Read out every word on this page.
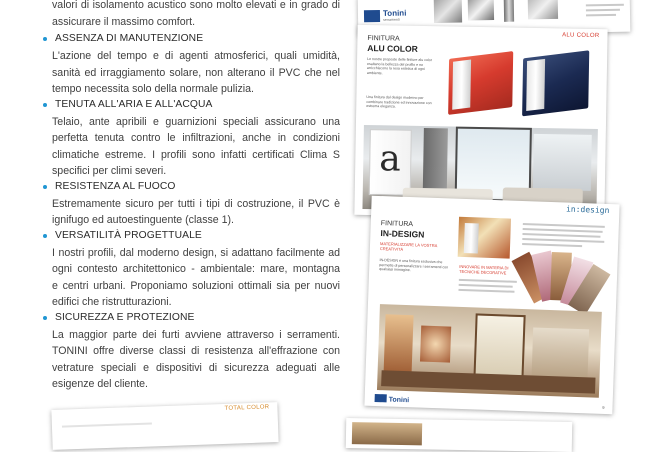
valori di isolamento acustico sono molto elevati e in grado di
assicurare il massimo comfort.
ASSENZA DI MANUTENZIONE
L'azione del tempo e di agenti atmosferici, quali umidità,
sanità ed irraggiamento solare, non alterano il PVC che nel
tempo necessita solo della normale pulizia.
TENUTA ALL'ARIA E ALL'ACQUA
Telaio, ante apribili e guarnizioni speciali assicurano una
perfetta tenuta contro le infiltrazioni, anche in condizioni
climatiche estreme. I profili sono infatti certificati Clima S
specifici per climi severi.
RESISTENZA AL FUOCO
Estremamente sicuro per tutti i tipi di costruzione, il PVC è
ignifugo ed autoestinguente (classe 1).
VERSATILITÀ PROGETTUALE
I nostri profili, dal moderno design, si adattano facilmente ad
ogni contesto architettonico - ambientale: mare, montagna
e centri urbani. Proponiamo soluzioni ottimali sia per nuovi
edifici che ristrutturazioni.
SICUREZZA E PROTEZIONE
La maggior parte dei furti avviene attraverso i serramenti.
TONINI offre diverse classi di resistenza all'effrazione con
vetrature speciali e dispositivi di sicurezza adeguati alle
esigenze del cliente.
Tonini
serramenti
ALU COLOR
FINITURA
ALU COLOR
Le nostre proposte delle finiture alu color esaltano la bellezza del profilo e ne arricchiscono la resa estetica di ogni ambiente.
Una finitura dal design moderno per combinare tradizione ed innovazione con estrema eleganza.
a
in:design
FINITURA
IN-DESIGN
MATERIALIZZARE LA VOSTRA CREATIVITÀ
IN-DESIGN è una finitura esclusiva che permette di personalizzare i serramenti con qualsiasi immagine.	INNOVARE IN MATERIA DI TECNICHE DECORATIVE
9
Tonini
TOTAL COLOR
